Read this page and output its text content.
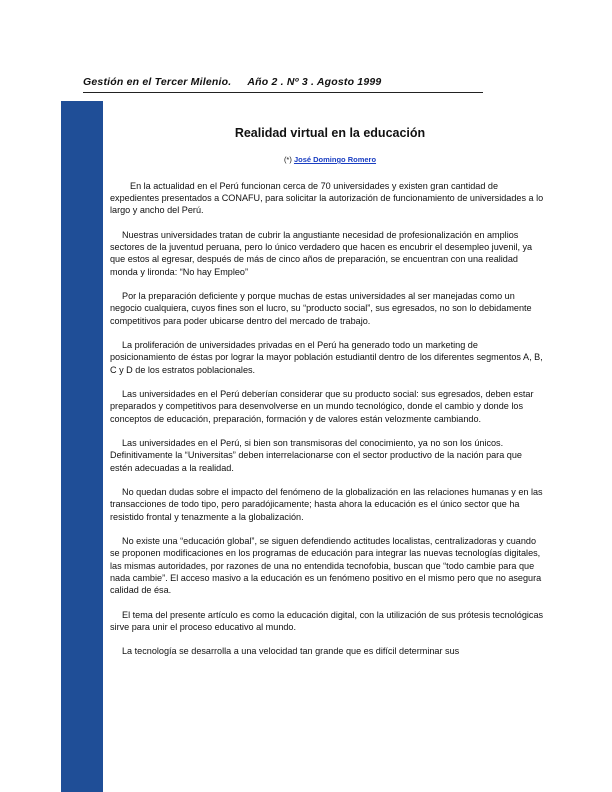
Gestión en el Tercer Milenio. Año 2 . Nº 3 . Agosto 1999
Realidad virtual en la educación

(*) José Domingo Romero

En la actualidad en el Perú funcionan cerca de 70 universidades y existen gran cantidad de expedientes presentados a CONAFU, para solicitar la autorización de funcionamiento de universidades a lo largo y ancho del Perú.

Nuestras universidades tratan de cubrir la angustiante necesidad de profesionalización en amplios sectores de la juventud peruana, pero lo único verdadero que hacen es encubrir el desempleo juvenil, ya que estos al egresar, después de más de cinco años de preparación, se encuentran con una realidad monda y lironda: “No hay Empleo”

Por la preparación deficiente y porque muchas de estas universidades al ser manejadas como un negocio cualquiera, cuyos fines son el lucro, su “producto social”, sus egresados, no son lo debidamente competitivos para poder ubicarse dentro del mercado de trabajo.

La proliferación de universidades privadas en el Perú ha generado todo un marketing de posicionamiento de éstas por lograr la mayor población estudiantil dentro de los diferentes segmentos A, B, C y D de los estratos poblacionales.

Las universidades en el Perú deberían considerar que su producto social: sus egresados, deben estar preparados y competitivos para desenvolverse en un mundo tecnológico, donde el cambio y donde los conceptos de educación, preparación, formación y de valores están velozmente cambiando.

Las universidades en el Perú, si bien son transmisoras del conocimiento, ya no son los únicos. Definitivamente la “Universitas” deben interrelacionarse con el sector productivo de la nación para que estén adecuadas a la realidad.

No quedan dudas sobre el impacto del fenómeno de la globalización en las relaciones humanas y en las transacciones de todo tipo, pero paradójicamente; hasta ahora la educación es el único sector que ha resistido frontal y tenazmente a la globalización.

No existe una “educación global”, se siguen defendiendo actitudes localistas, centralizadoras y cuando se proponen modificaciones en los programas de educación para integrar las nuevas tecnologías digitales, las mismas autoridades, por razones de una no entendida tecnofobia, buscan que “todo cambie para que nada cambie”. El acceso masivo a la educación es un fenómeno positivo en el mismo pero que no asegura calidad de ésa.

El tema del presente artículo es como la educación digital, con la utilización de sus prótesis tecnológicas sirve para unir el proceso educativo al mundo.

La tecnología se desarrolla a una velocidad tan grande que es difícil determinar sus
